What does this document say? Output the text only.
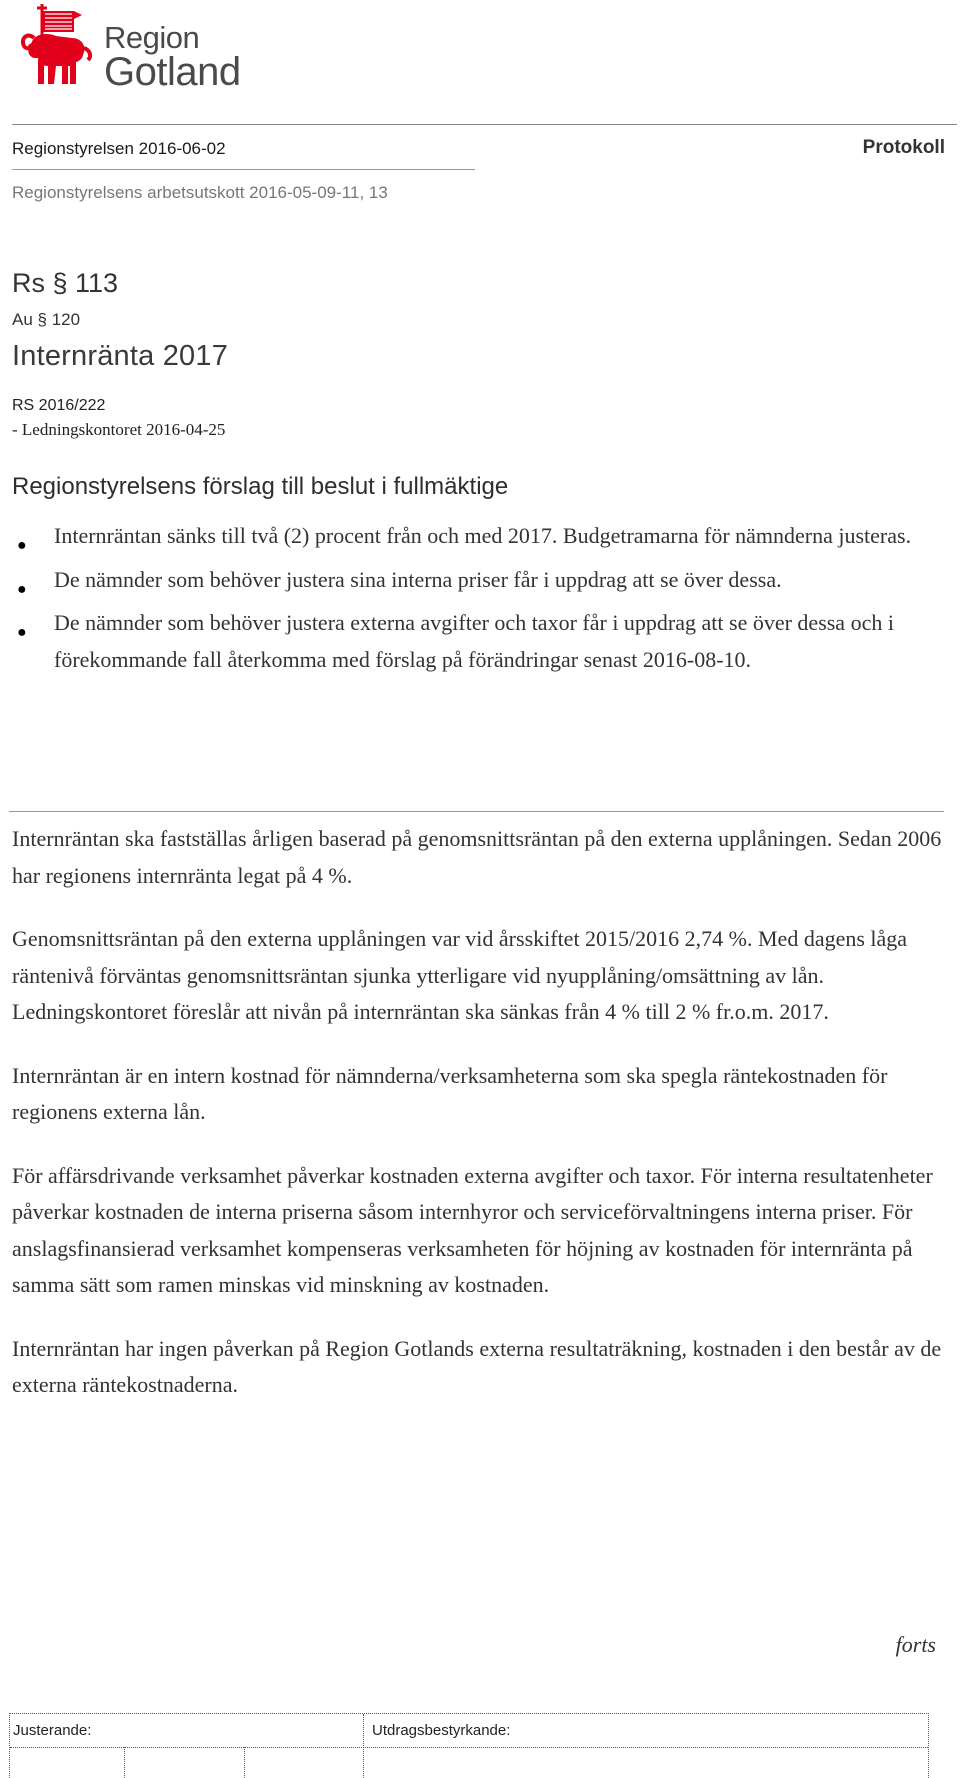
Region
Gotland
Regionstyrelsen 2016-06-02	Protokoll
Regionstyrelsens arbetsutskott 2016-05-09-11, 13
Rs § 113
Au § 120
Internränta 2017
RS 2016/222
- Ledningskontoret 2016-04-25
Regionstyrelsens förslag till beslut i fullmäktige
● Internräntan sänks till två (2) procent från och med 2017. Budgetramarna för nämnderna justeras.
● De nämnder som behöver justera sina interna priser får i uppdrag att se över dessa.
● De nämnder som behöver justera externa avgifter och taxor får i uppdrag att se över dessa och i förekommande fall återkomma med förslag på förändringar senast 2016-08-10.

Internräntan ska fastställas årligen baserad på genomsnittsräntan på den externa upplåningen. Sedan 2006 har regionens internränta legat på 4 %.

Genomsnittsräntan på den externa upplåningen var vid årsskiftet 2015/2016 2,74 %. Med dagens låga räntenivå förväntas genomsnittsräntan sjunka ytterligare vid nyupplåning/omsättning av lån. Ledningskontoret föreslår att nivån på internräntan ska sänkas från 4 % till 2 % fr.o.m. 2017.

Internräntan är en intern kostnad för nämnderna/verksamheterna som ska spegla räntekostnaden för regionens externa lån.

För affärsdrivande verksamhet påverkar kostnaden externa avgifter och taxor. För interna resultatenheter påverkar kostnaden de interna priserna såsom internhyror och serviceförvaltningens interna priser. För anslagsfinansierad verksamhet kompenseras verksamheten för höjning av kostnaden för internränta på samma sätt som ramen minskas vid minskning av kostnaden.

Internräntan har ingen påverkan på Region Gotlands externa resultaträkning, kostnaden i den består av de externa räntekostnaderna.

forts
Justerande:	Utdragsbestyrkande:
